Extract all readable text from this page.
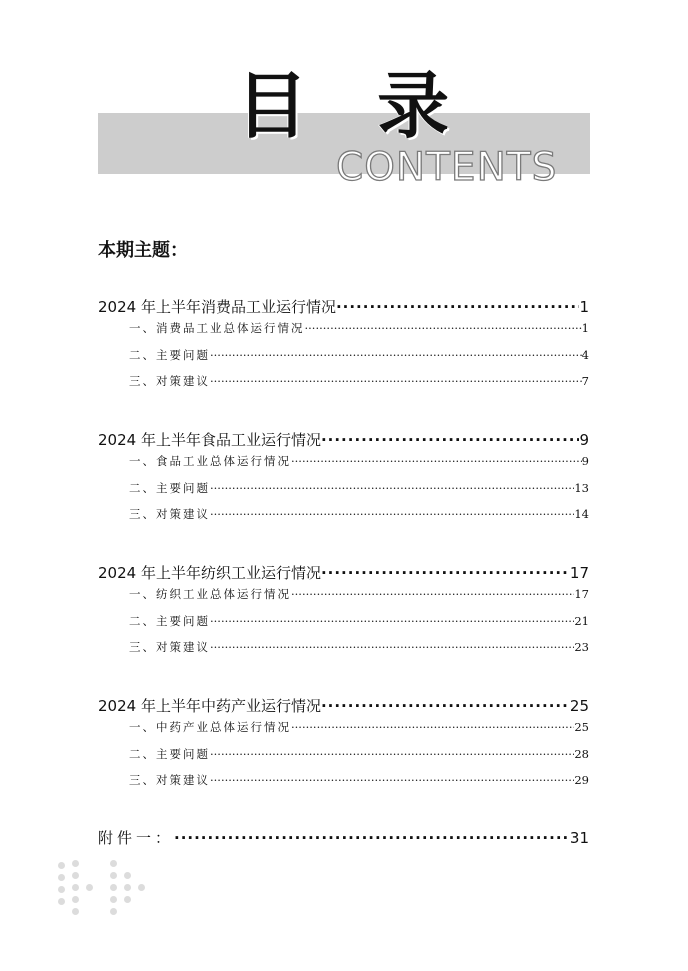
目 录
CONTENTS
本期主题：
2024 年上半年消费品工业运行情况 ·····	1
一、消费品工业总体运行情况 ·····	1
二、主要问题 ·····	4
三、对策建议 ·····	7
2024 年上半年食品工业运行情况 ·····	9
一、食品工业总体运行情况 ·····	9
二、主要问题 ·····	13
三、对策建议 ·····	14
2024 年上半年纺织工业运行情况 ·····	17
一、纺织工业总体运行情况 ·····	17
二、主要问题 ·····	21
三、对策建议 ·····	23
2024 年上半年中药产业运行情况 ·····	25
一、中药产业总体运行情况 ·····	25
二、主要问题 ·····	28
三、对策建议 ·····	29
附件一： ·····	31
